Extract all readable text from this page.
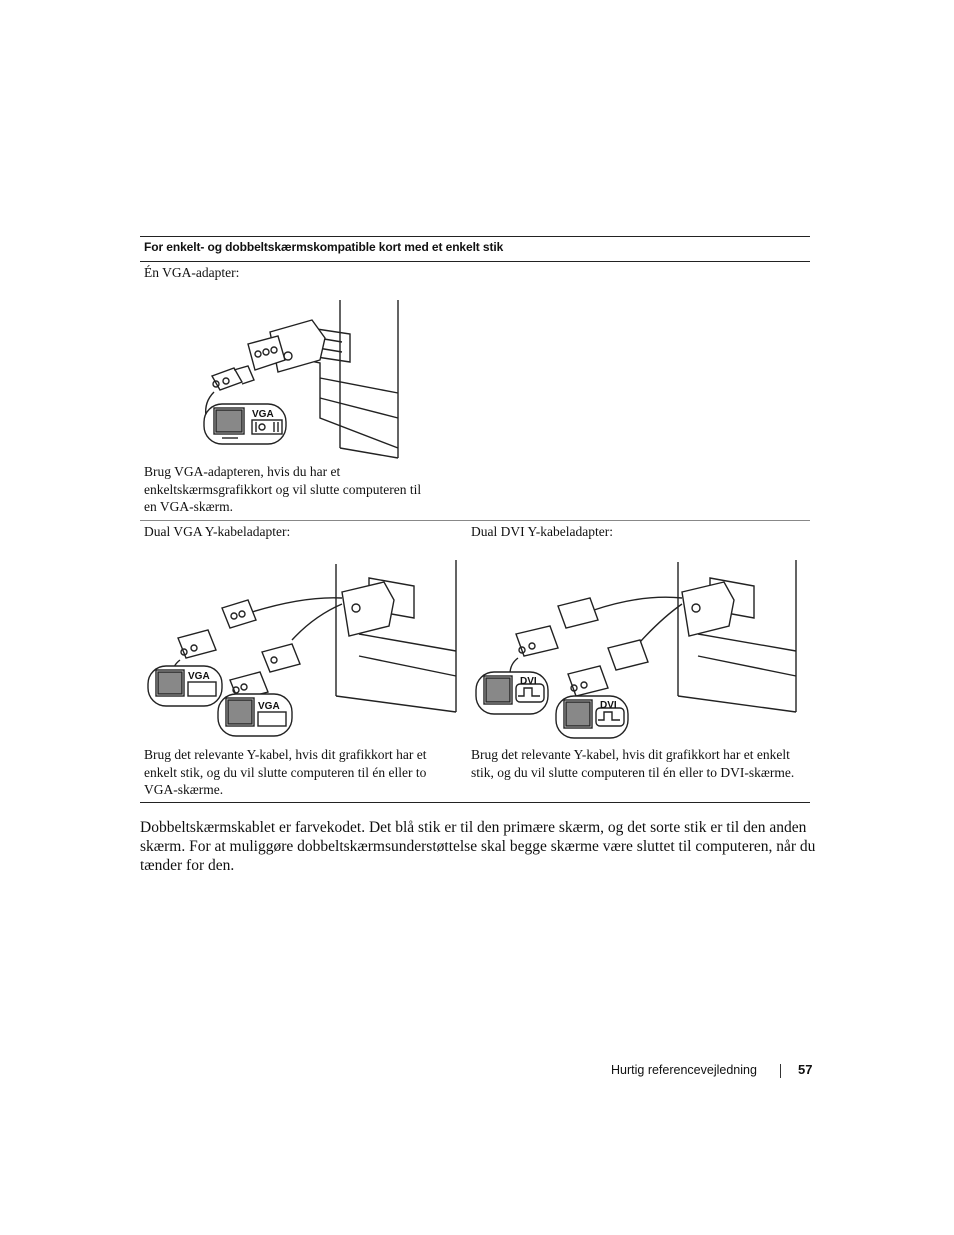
For enkelt- og dobbeltskærmskompatible kort med et enkelt stik
Én VGA-adapter:
VGA
Brug VGA-adapteren, hvis du har et enkeltskærmsgrafikkort og vil slutte computeren til en VGA-skærm.
Dual VGA Y-kabeladapter:
VGA
VGA
Brug det relevante Y-kabel, hvis dit grafikkort har et enkelt stik, og du vil slutte computeren til én eller to VGA-skærme.
Dual DVI Y-kabeladapter:
DVI
DVI
Brug det relevante Y-kabel, hvis dit grafikkort har et enkelt stik, og du vil slutte computeren til én eller to DVI-skærme.
Dobbeltskærmskablet er farvekodet. Det blå stik er til den primære skærm, og det sorte stik er til den anden skærm. For at muliggøre dobbeltskærmsunderstøttelse skal begge skærme være sluttet til computeren, når du tænder for den.
Hurtig referencevejledning	57
